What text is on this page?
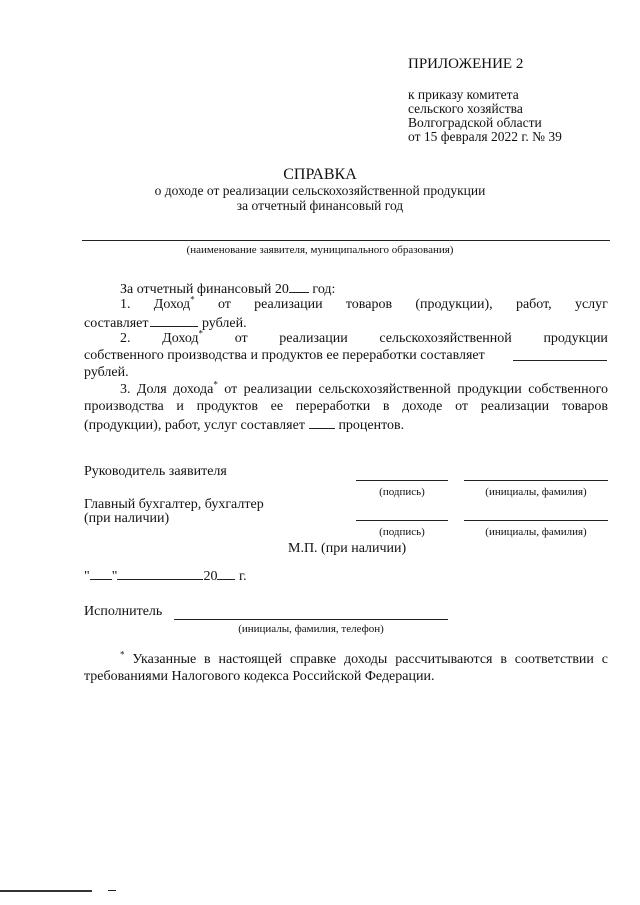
ПРИЛОЖЕНИЕ 2
к приказу комитета
сельского хозяйства
Волгоградской области
от 15 февраля 2022 г. № 39
СПРАВКА
о доходе от реализации сельскохозяйственной продукции
за отчетный финансовый год
(наименование заявителя, муниципального образования)
За отчетный финансовый 20 год:
1. Доход* от реализации товаров (продукции), работ, услуг
составляет	рублей.
2. Доход* от реализации сельскохозяйственной продукции
собственного производства и продуктов ее переработки составляет
рублей.
3. Доля дохода* от реализации сельскохозяйственной продукции собственного
производства и продуктов ее переработки в доходе от реализации товаров
(продукции), работ, услуг составляет процентов.
Руководитель заявителя
(подпись)	(инициалы, фамилия)
Главный бухгалтер, бухгалтер
(при наличии)
(подпись)	(инициалы, фамилия)
М.П. (при наличии)
" "	20 г.
Исполнитель
(инициалы, фамилия, телефон)
* Указанные в настоящей справке доходы рассчитываются в соответствии с
требованиями Налогового кодекса Российской Федерации.
